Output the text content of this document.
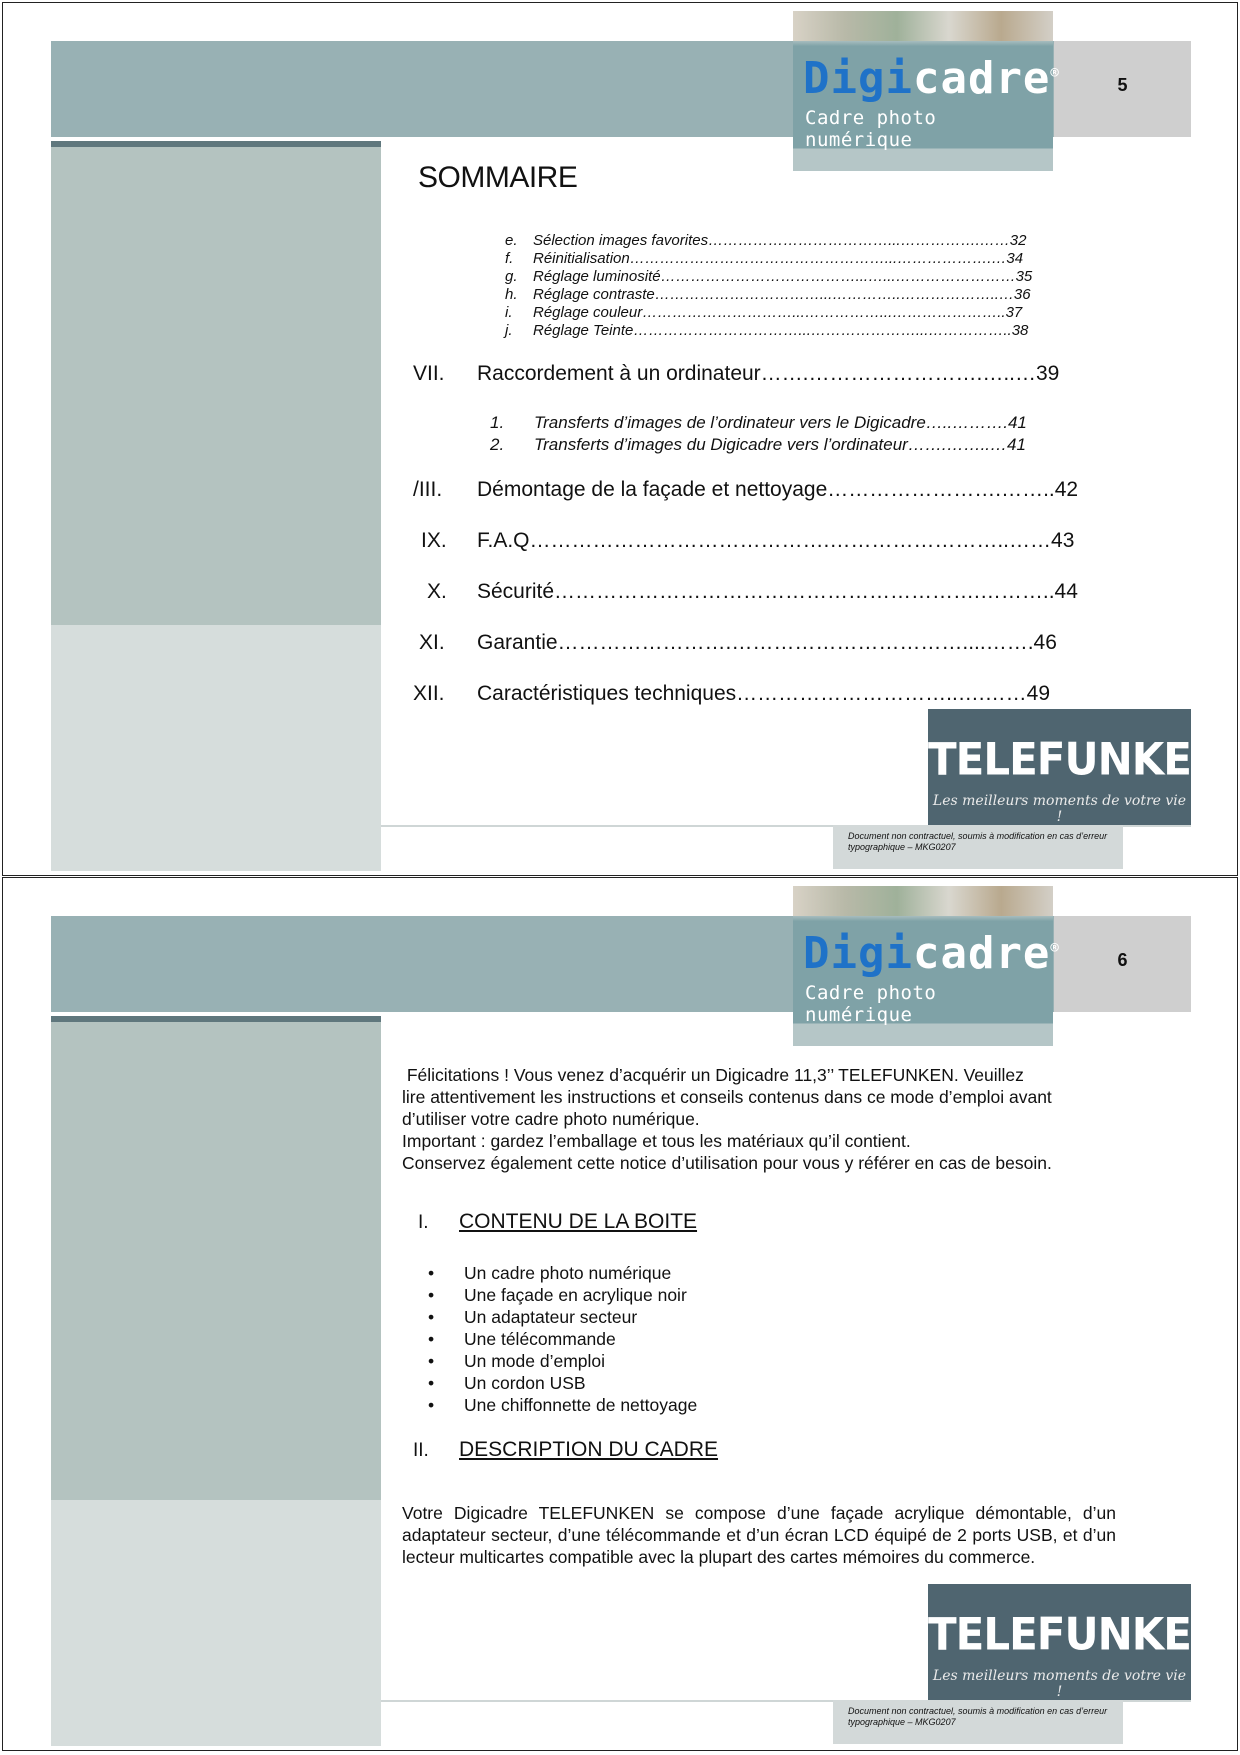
5
Digicadre®
Cadre photo numérique
SOMMAIRE
e.	Sélection images favorites………………………………...…………….……32
f.	Réinitialisation……………………………………………...……………….…34
g.	Réglage luminosité…………………………………...…...……………………35
h.	Réglage contraste……………………………...…………..………………..…36
i.	Réglage couleur…………………………...……………...…………………..37
j.	Réglage Teinte……………………………...…………………...……………..38
VII. Raccordement à un ordinateur…….…………………….…..…39
1. Transferts d’images de l’ordinateur vers le Digicadre…..……….41
2. Transferts d’images du Digicadre vers l’ordinateur…….……..…41
/III. Démontage de la façade et nettoyage…………………….……..42
IX. F.A.Q…………………………………….……………………..……43
X. Sécurité…………………………………………………….………..44
XI. Garantie…………………….……………………………....…….46
XII. Caractéristiques techniques…………………………..….……49
TELEFUNKEN
Les meilleurs moments de votre vie !
Document non contractuel, soumis à modification en cas d’erreur typographique – MKG0207
6
Digicadre®
Cadre photo numérique
TELEFUNKEN
Les meilleurs moments de votre vie !
Document non contractuel, soumis à modification en cas d’erreur typographique – MKG0207
Félicitations ! Vous venez d’acquérir un Digicadre 11,3’’ TELEFUNKEN. Veuillez
lire attentivement les instructions et conseils contenus dans ce mode d’emploi avant
d’utiliser votre cadre photo numérique.
Important : gardez l’emballage et tous les matériaux qu’il contient.
Conservez également cette notice d’utilisation pour vous y référer en cas de besoin.
I. CONTENU DE LA BOITE
• Un cadre photo numérique
• Une façade en acrylique noir
• Un adaptateur secteur
• Une télécommande
• Un mode d’emploi
• Un cordon USB
• Une chiffonnette de nettoyage
II. DESCRIPTION DU CADRE
Votre Digicadre TELEFUNKEN se compose d’une façade acrylique démontable, d’un adaptateur secteur, d’une télécommande et d’un écran LCD équipé de 2 ports USB, et d’un lecteur multicartes compatible avec la plupart des cartes mémoires du commerce.
